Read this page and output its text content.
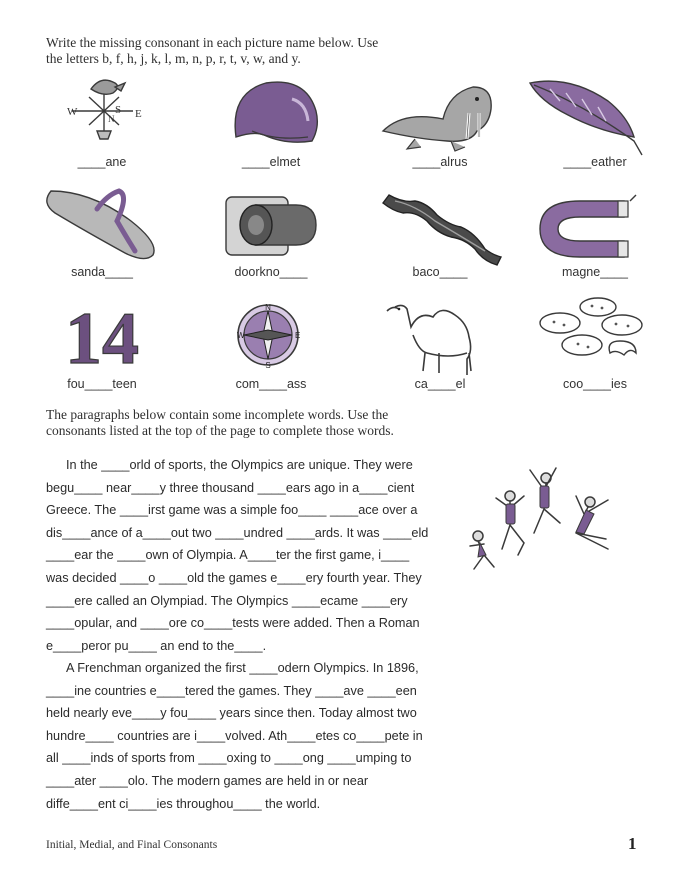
Write the missing consonant in each picture name below. Use
the letters b, f, h, j, k, l, m, n, p, r, t, v, w, and y.
W
N
S E
____ane	____elmet	____alrus	____eather
sanda____	doorkno____	baco____	magne____
14
fou____teen
N
E
S
W
com____ass	ca____el	coo____ies
The paragraphs below contain some incomplete words. Use the
consonants listed at the top of the page to complete those words.

In the ____orld of sports, the Olympics are unique. They were

begu____ near____y three thousand ____ears ago in a____cient

Greece. The ____irst game was a simple foo____ ____ace over a

dis____ance of a____out two ____undred ____ards. It was ____eld

____ear the ____own of Olympia. A____ter the first game, i____

was decided ____o ____old the games e____ery fourth year. They

____ere called an Olympiad. The Olympics ____ecame ____ery

____opular, and ____ore co____tests were added. Then a Roman

e____peror pu____ an end to the____.

A Frenchman organized the first ____odern Olympics. In 1896,

____ine countries e____tered the games. They ____ave ____een

held nearly eve____y fou____ years since then. Today almost two

hundre____ countries are i____volved. Ath____etes co____pete in

all ____inds of sports from ____oxing to ____ong ____umping to

____ater ____olo. The modern games are held in or near

diffe____ent ci____ies throughou____ the world.

Initial, Medial, and Final Consonants	1
